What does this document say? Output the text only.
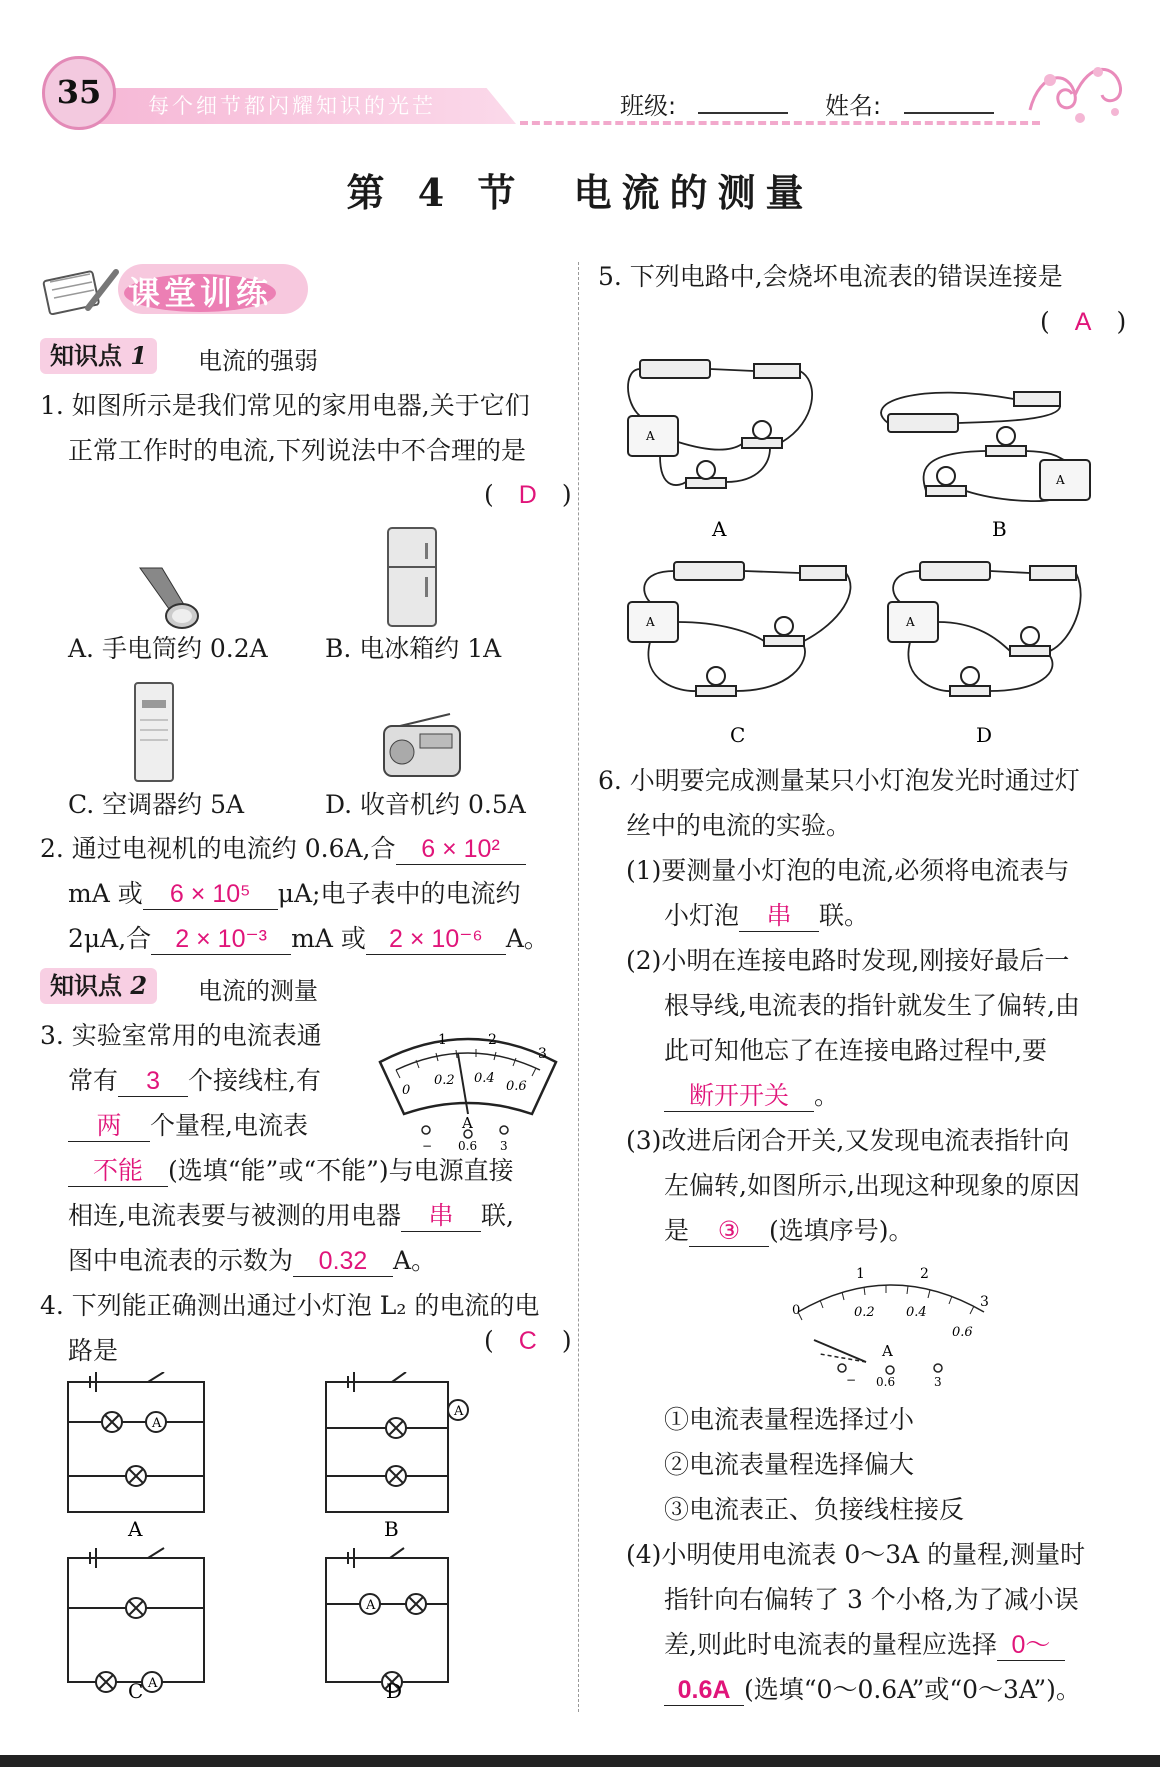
35	每个细节都闪耀知识的光芒	班级:	姓名:
第 4 节　电流的测量
课堂训练
知识点 1	电流的强弱
1. 如图所示是我们常见的家用电器,关于它们
正常工作时的电流,下列说法中不合理的是
(　 D　 )
A. 手电筒约 0.2A B. 电冰箱约 1A
C. 空调器约 5A	D. 收音机约 0.5A
2. 通过电视机的电流约 0.6A,合 6 × 10²
mA 或 6 × 10⁵ μA;电子表中的电流约
2μA,合 2 × 10⁻³ mA 或 2 × 10⁻⁶ A。
知识点 2	电流的测量
3. 实验室常用的电流表通
常有 3 个接线柱,有
两 个量程,电流表
不能 (选填“能”或“不能”)与电源直接
相连,电流表要与被测的用电器 串 联,
图中电流表的示数为 0.32 A。
1	2
3
0
0.2 0.4
0.6
A
− 0.6 3
4. 下列能正确测出通过小灯泡 L₂ 的电流的电
路是	(　 C　 )
A
A
A
A
A	B
C	D
5. 下列电路中,会烧坏电流表的错误连接是
(　 A　 )
A
A
A	A
A	B
C	D
6. 小明要完成测量某只小灯泡发光时通过灯
丝中的电流的实验。
(1)要测量小灯泡的电流,必须将电流表与
小灯泡 串 联。
(2)小明在连接电路时发现,刚接好最后一
根导线,电流表的指针就发生了偏转,由
此可知他忘了在连接电路过程中,要
断开开关 。
(3)改进后闭合开关,又发现电流表指针向
左偏转,如图所示,出现这种现象的原因
是 ③ (选填序号)。
0
1	2
3
0.2 0.4
0.6
A
− 0.6	3
①电流表量程选择过小
②电流表量程选择偏大
③电流表正、负接线柱接反
(4)小明使用电流表 0～3A 的量程,测量时
指针向右偏转了 3 个小格,为了减小误
差,则此时电流表的量程应选择 0～
0.6A (选填“0～0.6A”或“0～3A”)。
